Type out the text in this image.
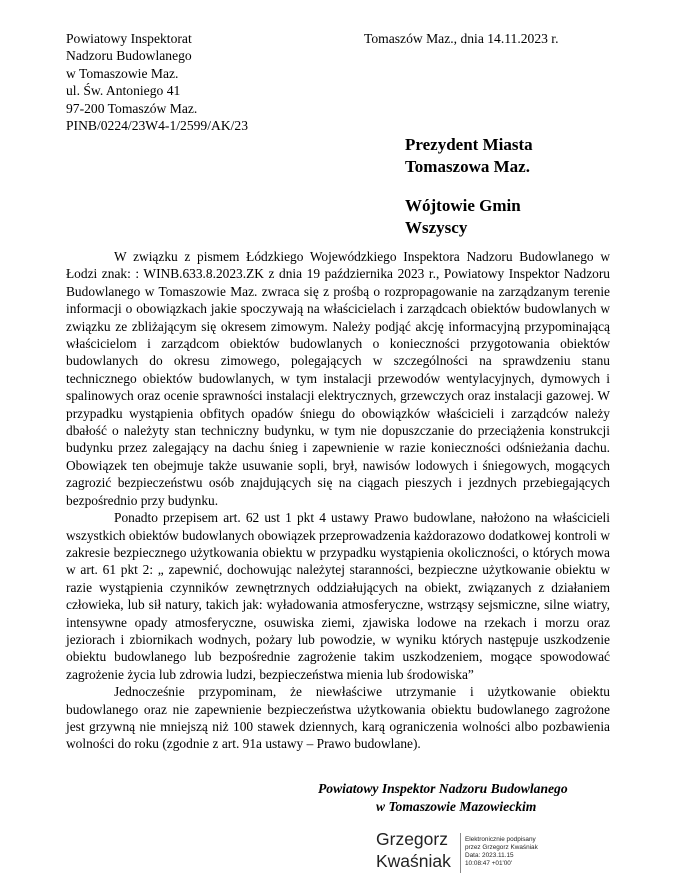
Powiatowy Inspektorat
Nadzoru Budowlanego
w Tomaszowie Maz.
ul. Św. Antoniego 41
97-200 Tomaszów Maz.
PINB/0224/23W4-1/2599/AK/23
Tomaszów Maz., dnia 14.11.2023 r.
Prezydent Miasta
Tomaszowa Maz.
Wójtowie Gmin
Wszyscy

W związku z pismem Łódzkiego Wojewódzkiego Inspektora Nadzoru Budowlanego w Łodzi znak: : WINB.633.8.2023.ZK z dnia 19 października 2023 r., Powiatowy Inspektor Nadzoru Budowlanego w Tomaszowie Maz. zwraca się z prośbą o rozpropagowanie na zarządzanym terenie informacji o obowiązkach jakie spoczywają na właścicielach i zarządcach obiektów budowlanych w związku ze zbliżającym się okresem zimowym. Należy podjąć akcję informacyjną przypominającą właścicielom i zarządcom obiektów budowlanych o konieczności przygotowania obiektów budowlanych do okresu zimowego, polegających w szczególności na sprawdzeniu stanu technicznego obiektów budowlanych, w tym instalacji przewodów wentylacyjnych, dymowych i spalinowych oraz ocenie sprawności instalacji elektrycznych, grzewczych oraz instalacji gazowej. W przypadku wystąpienia obfitych opadów śniegu do obowiązków właścicieli i zarządców należy dbałość o należyty stan techniczny budynku, w tym nie dopuszczanie do przeciążenia konstrukcji budynku przez zalegający na dachu śnieg i zapewnienie w razie konieczności odśnieżania dachu. Obowiązek ten obejmuje także usuwanie sopli, brył, nawisów lodowych i śniegowych, mogących zagrozić bezpieczeństwu osób znajdujących się na ciągach pieszych i jezdnych przebiegających bezpośrednio przy budynku.

Ponadto przepisem art. 62 ust 1 pkt 4 ustawy Prawo budowlane, nałożono na właścicieli wszystkich obiektów budowlanych obowiązek przeprowadzenia każdorazowo dodatkowej kontroli w zakresie bezpiecznego użytkowania obiektu w przypadku wystąpienia okoliczności, o których mowa w art. 61 pkt 2: „ zapewnić, dochowując należytej staranności, bezpieczne użytkowanie obiektu w razie wystąpienia czynników zewnętrznych oddziałujących na obiekt, związanych z działaniem człowieka, lub sił natury, takich jak: wyładowania atmosferyczne, wstrząsy sejsmiczne, silne wiatry, intensywne opady atmosferyczne, osuwiska ziemi, zjawiska lodowe na rzekach i morzu oraz jeziorach i zbiornikach wodnych, pożary lub powodzie, w wyniku których następuje uszkodzenie obiektu budowlanego lub bezpośrednie zagrożenie takim uszkodzeniem, mogące spowodować zagrożenie życia lub zdrowia ludzi, bezpieczeństwa mienia lub środowiska”

Jednocześnie przypominam, że niewłaściwe utrzymanie i użytkowanie obiektu budowlanego oraz nie zapewnienie bezpieczeństwa użytkowania obiektu budowlanego zagrożone jest grzywną nie mniejszą niż 100 stawek dziennych, karą ograniczenia wolności albo pozbawienia wolności do roku (zgodnie z art. 91a ustawy – Prawo budowlane).

Powiatowy Inspektor Nadzoru Budowlanego
w Tomaszowie Mazowieckim
Grzegorz
Kwaśniak
Elektronicznie podpisany
przez Grzegorz Kwaśniak
Data: 2023.11.15
10:08:47 +01'00'
